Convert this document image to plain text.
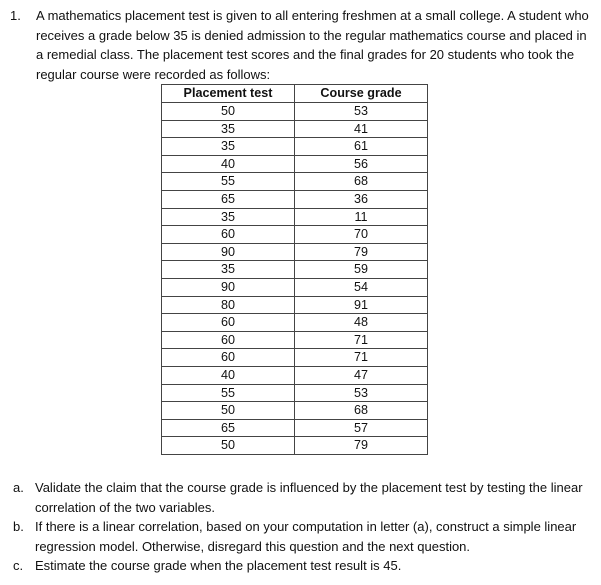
1. A mathematics placement test is given to all entering freshmen at a small college. A student who receives a grade below 35 is denied admission to the regular mathematics course and placed in a remedial class. The placement test scores and the final grades for 20 students who took the regular course were recorded as follows:
Placement test	Course grade
50	53
35	41
35	61
40	56
55	68
65	36
35	11
60	70
90	79
35	59
90	54
80	91
60	48
60	71
60	71
40	47
55	53
50	68
65	57
50	79
a. Validate the claim that the course grade is influenced by the placement test by testing the linear correlation of the two variables.
b. If there is a linear correlation, based on your computation in letter (a), construct a simple linear regression model. Otherwise, disregard this question and the next question.
c. Estimate the course grade when the placement test result is 45.
